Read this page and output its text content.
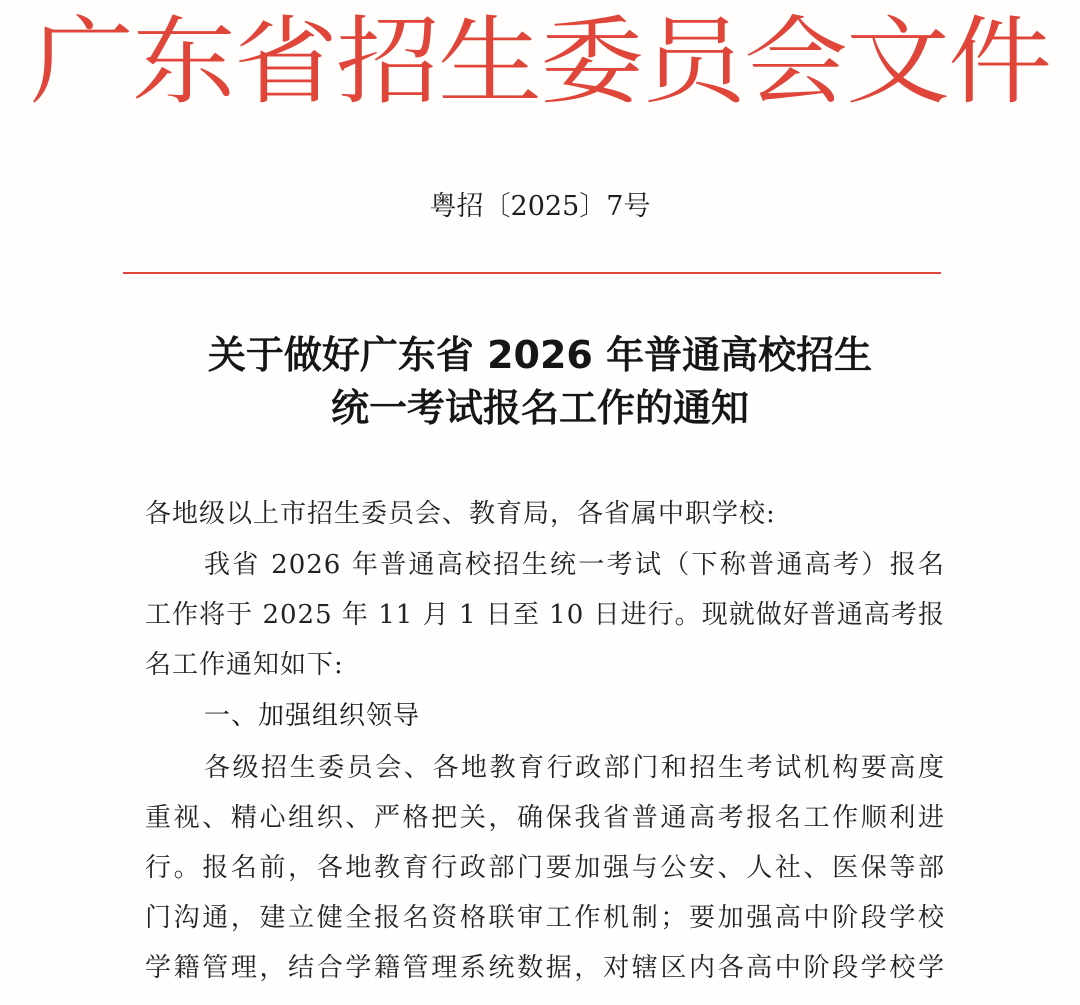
广东省招生委员会文件
粤招〔2025〕7号
关于做好广东省 2026 年普通高校招生
统一考试报名工作的通知
各地级以上市招生委员会、教育局，各省属中职学校:
我省 2026 年普通高校招生统一考试（下称普通高考）报名
工作将于 2025 年 11 月 1 日至 10 日进行。现就做好普通高考报
名工作通知如下:
一、加强组织领导
各级招生委员会、各地教育行政部门和招生考试机构要高度
重视、精心组织、严格把关，确保我省普通高考报名工作顺利进
行。报名前，各地教育行政部门要加强与公安、人社、医保等部
门沟通，建立健全报名资格联审工作机制；要加强高中阶段学校
学籍管理，结合学籍管理系统数据，对辖区内各高中阶段学校学
